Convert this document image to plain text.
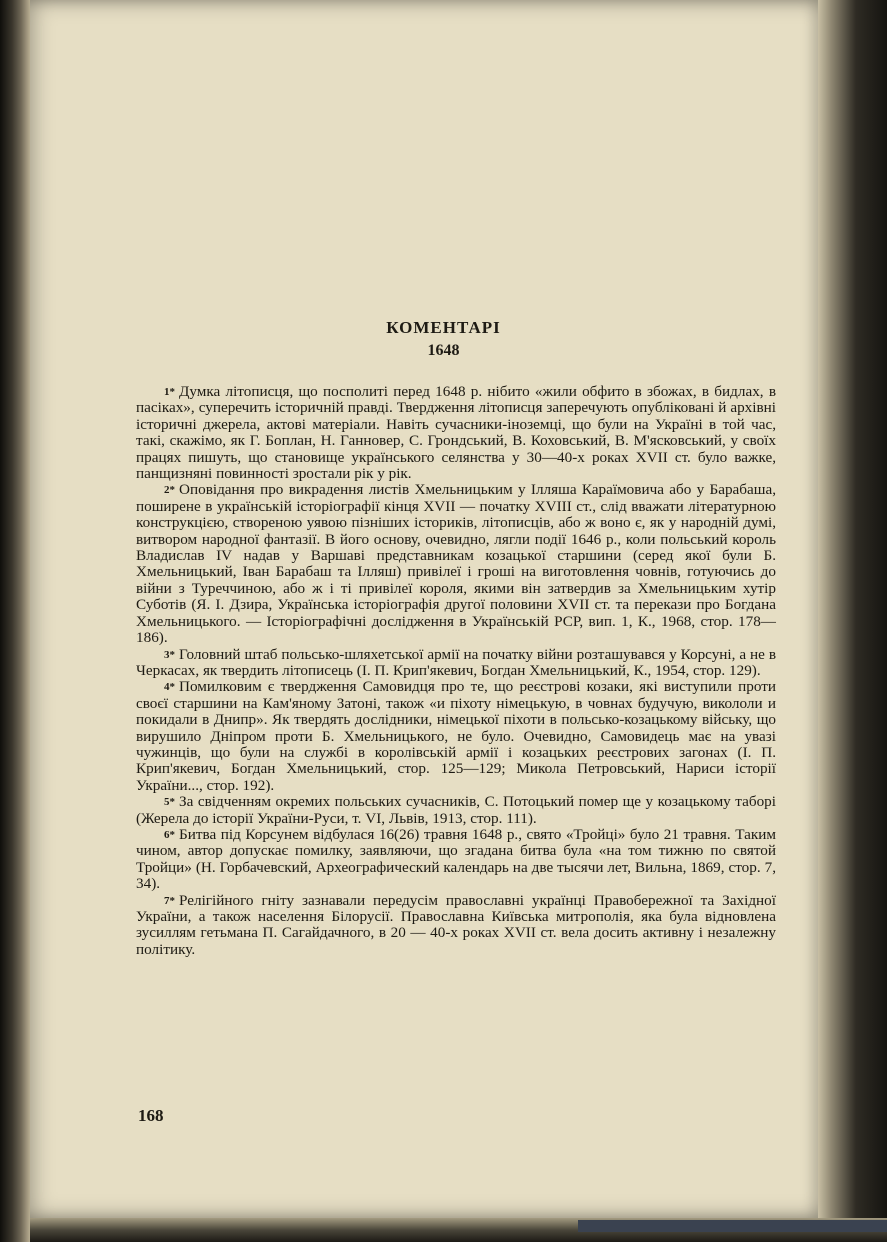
КОМЕНТАРІ
1648

$^{1*}$ Думка літописця, що посполиті перед 1648 р. нібито «жили обфито в збожах, в бидлах, в пасіках», суперечить історичній правді. Твердження літописця заперечують опубліковані й архівні історичні джерела, актові матеріали. Навіть сучасники-іноземці, що були на Україні в той час, такі, скажімо, як Г. Боплан, Н. Ганновер, С. Грондський, В. Коховський, В. М'ясковський, у своїх працях пишуть, що становище українського селянства у 30—40-х роках XVII ст. було важке, панщизняні повинності зростали рік у рік.

$^{2*}$ Оповідання про викрадення листів Хмельницьким у Ілляша Караїмовича або у Барабаша, поширене в українській історіографії кінця XVII — початку XVIII ст., слід вважати літературною конструкцією, створеною уявою пізніших істориків, літописців, або ж воно є, як у народній думі, витвором народної фантазії. В його основу, очевидно, лягли події 1646 р., коли польський король Владислав IV надав у Варшаві представникам козацької старшини (серед якої були Б. Хмельницький, Іван Барабаш та Ілляш) привілеї і гроші на виготовлення човнів, готуючись до війни з Туреччиною, або ж і ті привілеї короля, якими він затвердив за Хмельницьким хутір Суботів (Я. І. Дзира, Українська історіографія другої половини XVII ст. та перекази про Богдана Хмельницького. — Історіографічні дослідження в Українській РСР, вип. 1, К., 1968, стор. 178—186).

$^{3*}$ Головний штаб польсько-шляхетської армії на початку війни розташувався у Корсуні, а не в Черкасах, як твердить літописець (І. П. Крип'якевич, Богдан Хмельницький, К., 1954, стор. 129).

$^{4*}$ Помилковим є твердження Самовидця про те, що реєстрові козаки, які виступили проти своєї старшини на Кам'яному Затоні, також «и піхоту німецькую, в човнах будучую, викололи и покидали в Днипр». Як твердять дослідники, німецької піхоти в польсько-козацькому війську, що вирушило Дніпром проти Б. Хмельницького, не було. Очевидно, Самовидець має на увазі чужинців, що були на службі в королівській армії і козацьких реєстрових загонах (І. П. Крип'якевич, Богдан Хмельницький, стор. 125—129; Микола Петровський, Нариси історії України..., стор. 192).

$^{5*}$ За свідченням окремих польських сучасників, С. Потоцький помер ще у козацькому таборі (Жерела до історії України-Руси, т. VI, Львів, 1913, стор. 111).

$^{6*}$ Битва під Корсунем відбулася 16(26) травня 1648 р., свято «Тройці» було 21 травня. Таким чином, автор допускає помилку, заявляючи, що згадана битва була «на том тижню по святой Тройци» (Н. Горбачевский, Археографический календарь на две тысячи лет, Вильна, 1869, стор. 7, 34).

$^{7*}$ Релігійного гніту зазнавали передусім православні українці Правобережної та Західної України, а також населення Білорусії. Православна Київська митрополія, яка була відновлена зусиллям гетьмана П. Сагайдачного, в 20 — 40-х роках XVII ст. вела досить активну і незалежну політику.

168
